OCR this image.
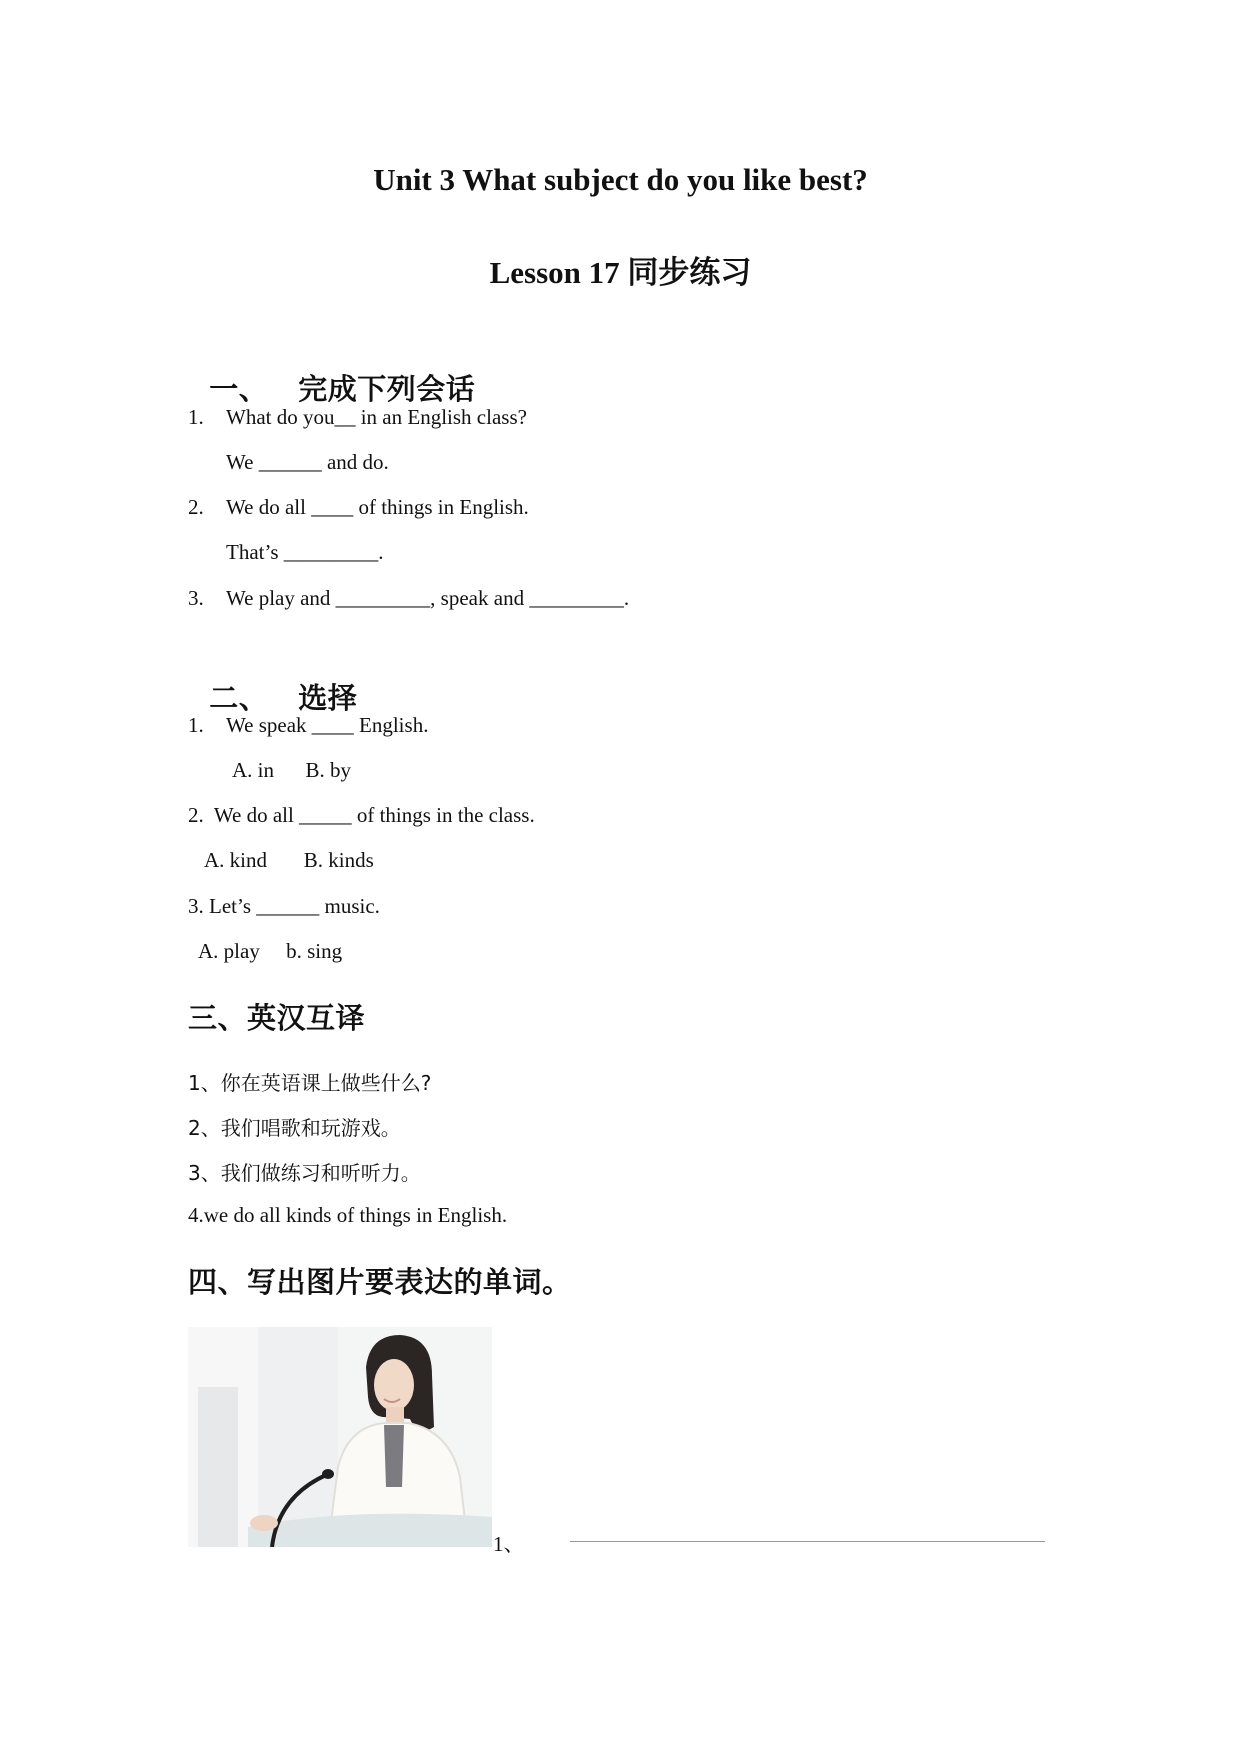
Unit 3 What subject do you like best?
Lesson 17 同步练习

一、 完成下列会话

1. What do you__ in an English class?
We ______ and do.
2. We do all ____ of things in English.
That’s _________.
3. We play and _________, speak and _________.

二、 选择

1. We speak ____ English.
A. in      B. by
2.  We do all _____ of things in the class.
A. kind       B. kinds
3. Let’s ______ music.
A. play     b. sing
三、英汉互译
1、你在英语课上做些什么?
2、我们唱歌和玩游戏。
3、我们做练习和听听力。
4.we do all kinds of things in English.
四、写出图片要表达的单词。
1、
